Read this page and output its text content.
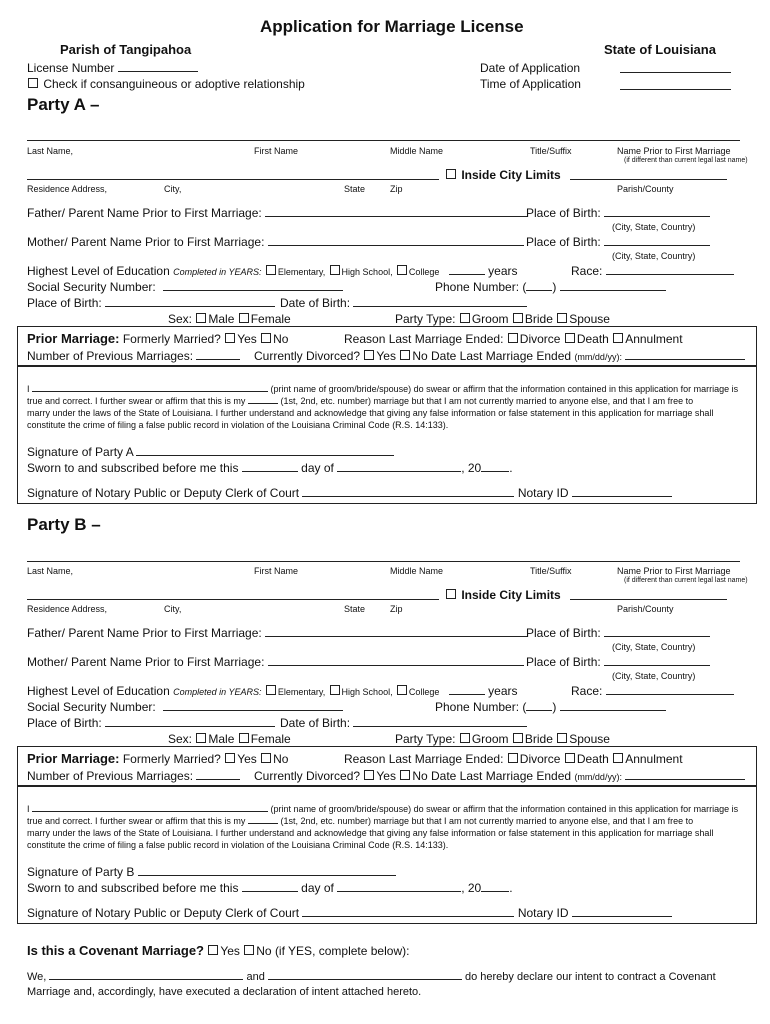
Application for Marriage License
Parish of Tangipahoa	State of Louisiana
License Number
Check if consanguineous or adoptive relationship
Date of Application
Time of Application
Party A –
Last Name,	First Name	Middle Name	Title/Suffix	Name Prior to First Marriage
(if different than current legal last name)
Inside City Limits
Residence Address,	City,	State	Zip	Parish/County
Father/ Parent Name Prior to First Marriage:	Place of Birth:
(City, State, Country)
Mother/ Parent Name Prior to First Marriage:	Place of Birth:
(City, State, Country)
Highest Level of Education Completed in YEARS: Elementary, High School, College	years	Race:
Social Security Number:	Phone Number: ( )
Place of Birth:	Date of Birth:
Sex: Male Female	Party Type: Groom Bride Spouse
Prior Marriage: Formerly Married? Yes No	Reason Last Marriage Ended: Divorce Death Annulment
Number of Previous Marriages:	Currently Divorced? Yes No Date Last Marriage Ended (mm/dd/yy):
I	(print name of groom/bride/spouse) do swear or affirm that the information contained in this application for marriage is
true and correct. I further swear or affirm that this is my	(1st, 2nd, etc. number) marriage but that I am not currently married to anyone else, and that I am free to
marry under the laws of the State of Louisiana. I further understand and acknowledge that giving any false information or false statement in this application for marriage shall
constitute the crime of filing a false public record in violation of the Louisiana Criminal Code (R.S. 14:133).
Signature of Party A
Sworn to and subscribed before me this	day of	, 20 .
Signature of Notary Public or Deputy Clerk of Court	Notary ID
Party B –
Last Name,	First Name	Middle Name	Title/Suffix	Name Prior to First Marriage
(if different than current legal last name)
Inside City Limits
Residence Address,	City,	State	Zip	Parish/County
Father/ Parent Name Prior to First Marriage:	Place of Birth:
(City, State, Country)
Mother/ Parent Name Prior to First Marriage:	Place of Birth:
(City, State, Country)
Highest Level of Education Completed in YEARS: Elementary, High School, College	years	Race:
Social Security Number:	Phone Number: ( )
Place of Birth:	Date of Birth:
Sex: Male Female	Party Type: Groom Bride Spouse
Prior Marriage: Formerly Married? Yes No	Reason Last Marriage Ended: Divorce Death Annulment
Number of Previous Marriages:	Currently Divorced? Yes No Date Last Marriage Ended (mm/dd/yy):
I	(print name of groom/bride/spouse) do swear or affirm that the information contained in this application for marriage is
true and correct. I further swear or affirm that this is my	(1st, 2nd, etc. number) marriage but that I am not currently married to anyone else, and that I am free to
marry under the laws of the State of Louisiana. I further understand and acknowledge that giving any false information or false statement in this application for marriage shall
constitute the crime of filing a false public record in violation of the Louisiana Criminal Code (R.S. 14:133).
Signature of Party B
Sworn to and subscribed before me this	day of	, 20 .
Signature of Notary Public or Deputy Clerk of Court	Notary ID
Is this a Covenant Marriage? Yes No (if YES, complete below):
We,	and	do hereby declare our intent to contract a Covenant
Marriage and, accordingly, have executed a declaration of intent attached hereto.
